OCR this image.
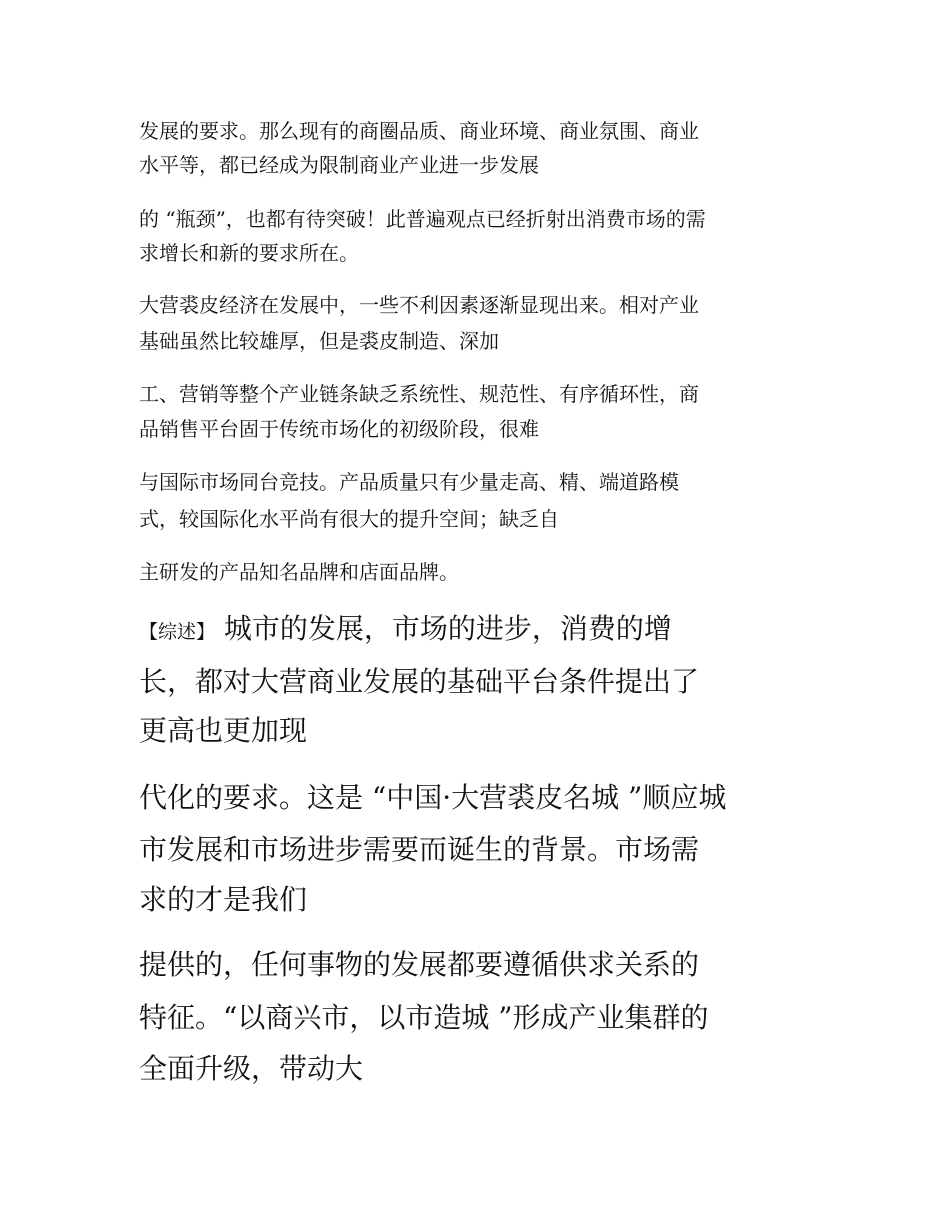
发展的要求。那么现有的商圈品质、商业环境、商业氛围、商业
水平等，都已经成为限制商业产业进一步发展
的 “瓶颈”，也都有待突破！此普遍观点已经折射出消费市场的需
求增长和新的要求所在。
大营裘皮经济在发展中，一些不利因素逐渐显现出来。相对产业
基础虽然比较雄厚，但是裘皮制造、深加
工、营销等整个产业链条缺乏系统性、规范性、有序循环性，商
品销售平台固于传统市场化的初级阶段，很难
与国际市场同台竞技。产品质量只有少量走高、精、端道路模
式，较国际化水平尚有很大的提升空间；缺乏自
主研发的产品知名品牌和店面品牌。
【综述】 城市的发展，市场的进步，消费的增
长，都对大营商业发展的基础平台条件提出了
更高也更加现
代化的要求。这是 “中国·大营裘皮名城 ”顺应城
市发展和市场进步需要而诞生的背景。市场需
求的才是我们
提供的，任何事物的发展都要遵循供求关系的
特征。“以商兴市，以市造城 ”形成产业集群的
全面升级，带动大
